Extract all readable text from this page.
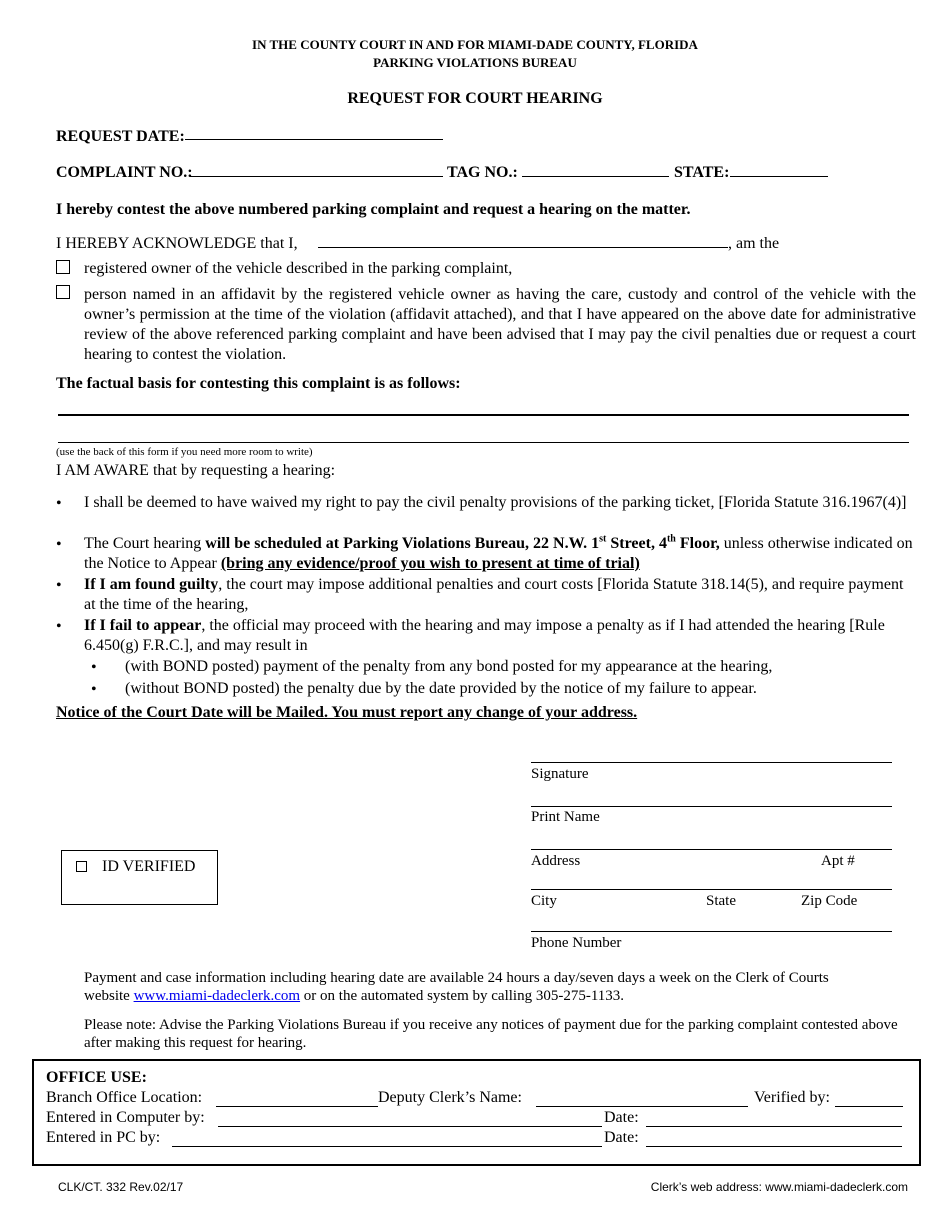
IN THE COUNTY COURT IN AND FOR MIAMI-DADE COUNTY, FLORIDA
PARKING VIOLATIONS BUREAU
REQUEST FOR COURT HEARING
REQUEST DATE:
COMPLAINT NO.:	TAG NO.:	STATE:
I hereby contest the above numbered parking complaint and request a hearing on the matter.
I HEREBY ACKNOWLEDGE that I,	, am the
registered owner of the vehicle described in the parking complaint,
person named in an affidavit by the registered vehicle owner as having the care, custody and control of the vehicle with the owner’s permission at the time of the violation (affidavit attached), and that I have appeared on the above date for administrative review of the above referenced parking complaint and have been advised that I may pay the civil penalties due or request a court hearing to contest the violation.
The factual basis for contesting this complaint is as follows:
(use the back of this form if you need more room to write)
I AM AWARE that by requesting a hearing:
• I shall be deemed to have waived my right to pay the civil penalty provisions of the parking ticket, [Florida Statute 316.1967(4)]
• The Court hearing will be scheduled at Parking Violations Bureau, 22 N.W. 1st Street, 4th Floor, unless otherwise indicated on the Notice to Appear (bring any evidence/proof you wish to present at time of trial)
• If I am found guilty, the court may impose additional penalties and court costs [Florida Statute 318.14(5), and require payment at the time of the hearing,
• If I fail to appear, the official may proceed with the hearing and may impose a penalty as if I had attended the hearing [Rule 6.450(g) F.R.C.], and may result in
• (with BOND posted) payment of the penalty from any bond posted for my appearance at the hearing,
• (without BOND posted) the penalty due by the date provided by the notice of my failure to appear.
Notice of the Court Date will be Mailed. You must report any change of your address.
Signature
Print Name
Address	Apt #
City	State	Zip Code
Phone Number
ID VERIFIED
Payment and case information including hearing date are available 24 hours a day/seven days a week on the Clerk of Courts
website www.miami-dadeclerk.com or on the automated system by calling 305-275-1133.
Please note: Advise the Parking Violations Bureau if you receive any notices of payment due for the parking complaint contested above after making this request for hearing.
OFFICE USE:
Branch Office Location:	Deputy Clerk’s Name:	Verified by:
Entered in Computer by:	Date:
Entered in PC by:	Date:
CLK/CT. 332 Rev.02/17	Clerk’s web address: www.miami-dadeclerk.com
